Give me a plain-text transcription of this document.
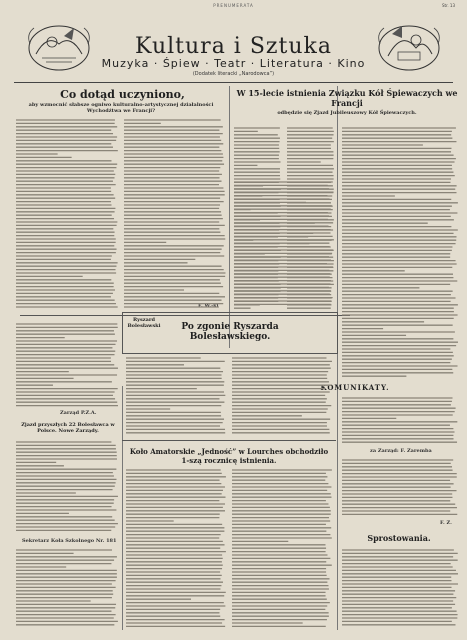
PRENUMERATA	Str. 13
Kultura i Sztuka
Muzyka · Śpiew · Teatr · Literatura · Kino
(Dodatek literacki „Narodowca”)
Co dotąd uczyniono,
aby wzmocnić słabsze ogniwo kulturalno-artystycznej działalności Wychodźtwa we Francji?
W 15-lecie istnienia Związku Kół Śpiewaczych we Francji
odbędzie się Zjazd Jubileuszowy Kół Śpiewaczych.
Ryszard Bolesławski	Po zgonie Ryszarda Bolesławskiego.
KOMUNIKATY.
Koło Amatorskie „Jedność” w Lourches obchodziło 1-szą rocznicę istnienia.
Zjazd przyszłych 22 Bolesławca w Polsce. Nowe Zarządy.
Sprostowania.
Zarząd P.Z.A.
F. W.-ki
Sekretarz Koła Szkolnego Nr. 181
F. Z.
za Zarząd: F. Zaremba
